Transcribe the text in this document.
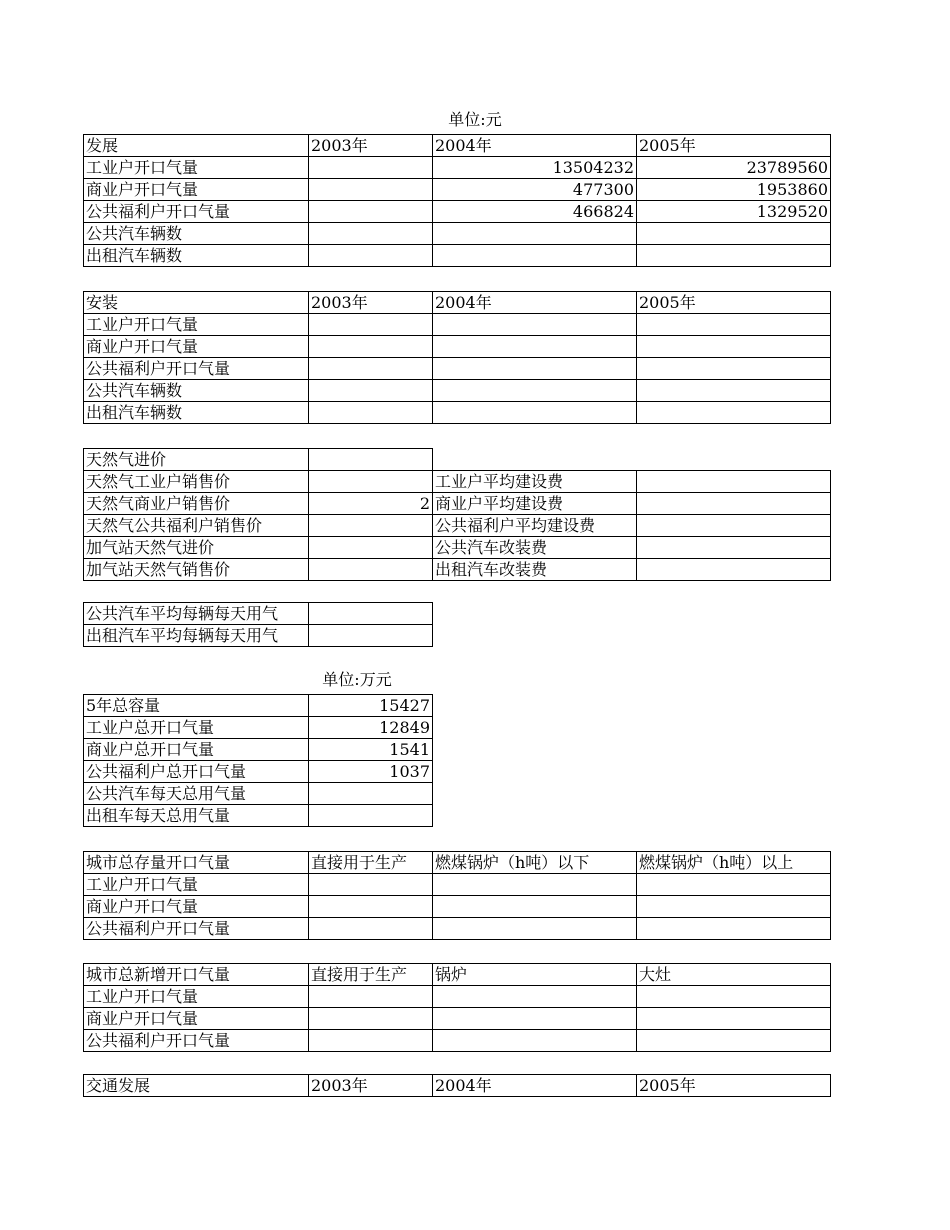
单位:元
发展	2003年	2004年	2005年
工业户开口气量		13504232	23789560
商业户开口气量		477300	1953860
公共福利户开口气量		466824	1329520
公共汽车辆数			
出租汽车辆数			
安装	2003年	2004年	2005年
工业户开口气量			
商业户开口气量			
公共福利户开口气量			
公共汽车辆数			
出租汽车辆数			
天然气进价			
天然气工业户销售价		工业户平均建设费	
天然气商业户销售价	2	商业户平均建设费	
天然气公共福利户销售价		公共福利户平均建设费	
加气站天然气进价		公共汽车改装费	
加气站天然气销售价		出租汽车改装费	
公共汽车平均每辆每天用气	
出租汽车平均每辆每天用气	
单位:万元
5年总容量	15427
工业户总开口气量	12849
商业户总开口气量	1541
公共福利户总开口气量	1037
公共汽车每天总用气量	
出租车每天总用气量	
城市总存量开口气量	直接用于生产	燃煤锅炉（h吨）以下	燃煤锅炉（h吨）以上
工业户开口气量			
商业户开口气量			
公共福利户开口气量			
城市总新增开口气量	直接用于生产	锅炉	大灶
工业户开口气量			
商业户开口气量			
公共福利户开口气量			
交通发展	2003年	2004年	2005年
